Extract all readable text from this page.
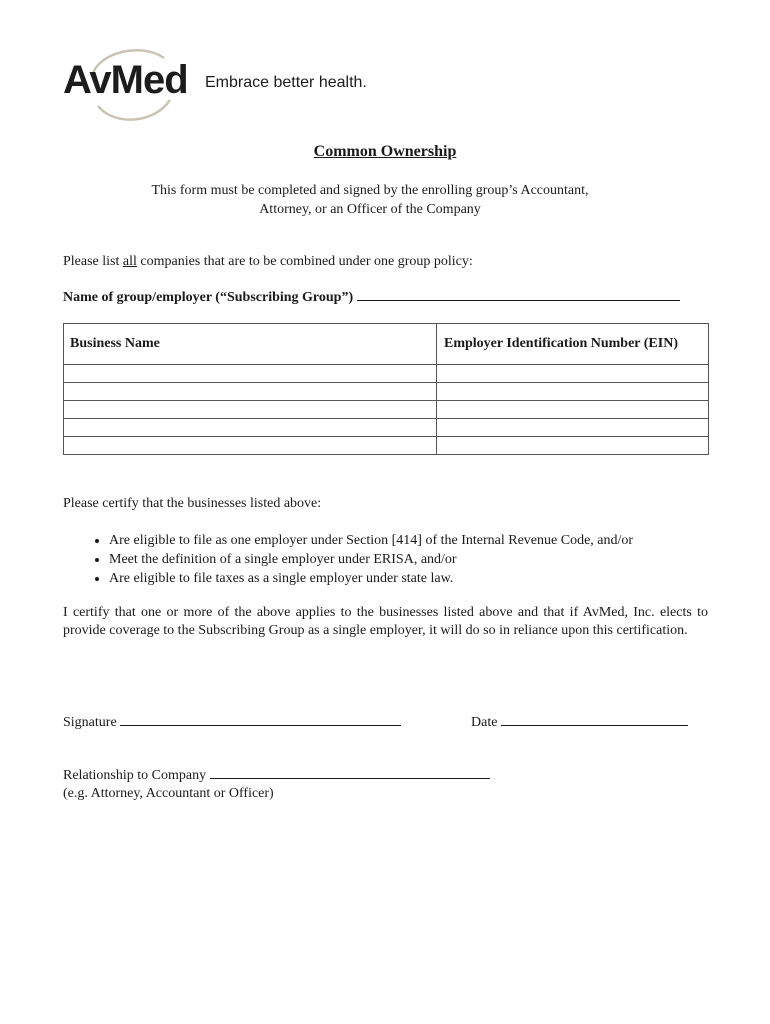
AvMed Embrace better health.
Common Ownership
This form must be completed and signed by the enrolling group’s Accountant,
Attorney, or an Officer of the Company
Please list all companies that are to be combined under one group policy:
Name of group/employer (“Subscribing Group”)
Business Name	Employer Identification Number (EIN)

Please certify that the businesses listed above:
• Are eligible to file as one employer under Section [414] of the Internal Revenue Code, and/or
• Meet the definition of a single employer under ERISA, and/or
• Are eligible to file taxes as a single employer under state law.
I certify that one or more of the above applies to the businesses listed above and that if AvMed, Inc. elects to provide coverage to the Subscribing Group as a single employer, it will do so in reliance upon this certification.
Signature	Date
Relationship to Company
(e.g. Attorney, Accountant or Officer)
